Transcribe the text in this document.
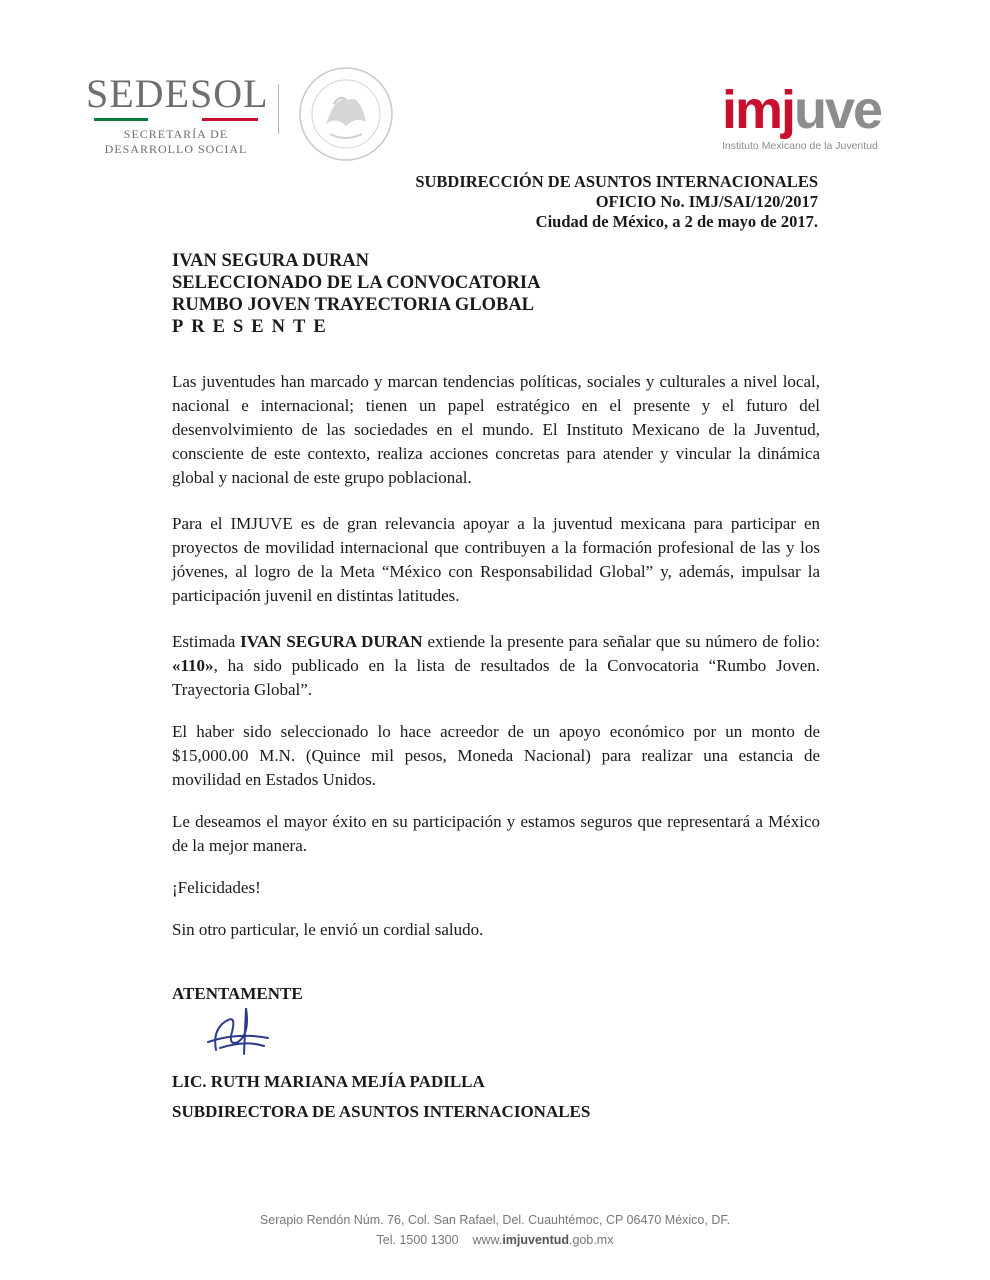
SEDESOL
SECRETARÍA DE
DESARROLLO SOCIAL
imjuve
Instituto Mexicano de la Juventud
SUBDIRECCIÓN DE ASUNTOS INTERNACIONALES
OFICIO No. IMJ/SAI/120/2017
Ciudad de México, a 2 de mayo de 2017.
IVAN SEGURA DURAN
SELECCIONADO DE LA CONVOCATORIA
RUMBO JOVEN TRAYECTORIA GLOBAL
PRESENTE

Las juventudes han marcado y marcan tendencias políticas, sociales y culturales a nivel local, nacional e internacional; tienen un papel estratégico en el presente y el futuro del desenvolvimiento de las sociedades en el mundo. El Instituto Mexicano de la Juventud, consciente de este contexto, realiza acciones concretas para atender y vincular la dinámica global y nacional de este grupo poblacional.

Para el IMJUVE es de gran relevancia apoyar a la juventud mexicana para participar en proyectos de movilidad internacional que contribuyen a la formación profesional de las y los jóvenes, al logro de la Meta “México con Responsabilidad Global” y, además, impulsar la participación juvenil en distintas latitudes.

Estimada IVAN SEGURA DURAN extiende la presente para señalar que su número de folio: «110», ha sido publicado en la lista de resultados de la Convocatoria “Rumbo Joven. Trayectoria Global”.

El haber sido seleccionado lo hace acreedor de un apoyo económico por un monto de $15,000.00 M.N. (Quince mil pesos, Moneda Nacional) para realizar una estancia de movilidad en Estados Unidos.

Le deseamos el mayor éxito en su participación y estamos seguros que representará a México de la mejor manera.

¡Felicidades!

Sin otro particular, le envió un cordial saludo.

ATENTAMENTE
LIC. RUTH MARIANA MEJÍA PADILLA
SUBDIRECTORA DE ASUNTOS INTERNACIONALES
Serapio Rendón Núm. 76, Col. San Rafael, Del. Cuauhtémoc, CP 06470 México, DF.
Tel. 1500 1300 www.imjuventud.gob.mx
